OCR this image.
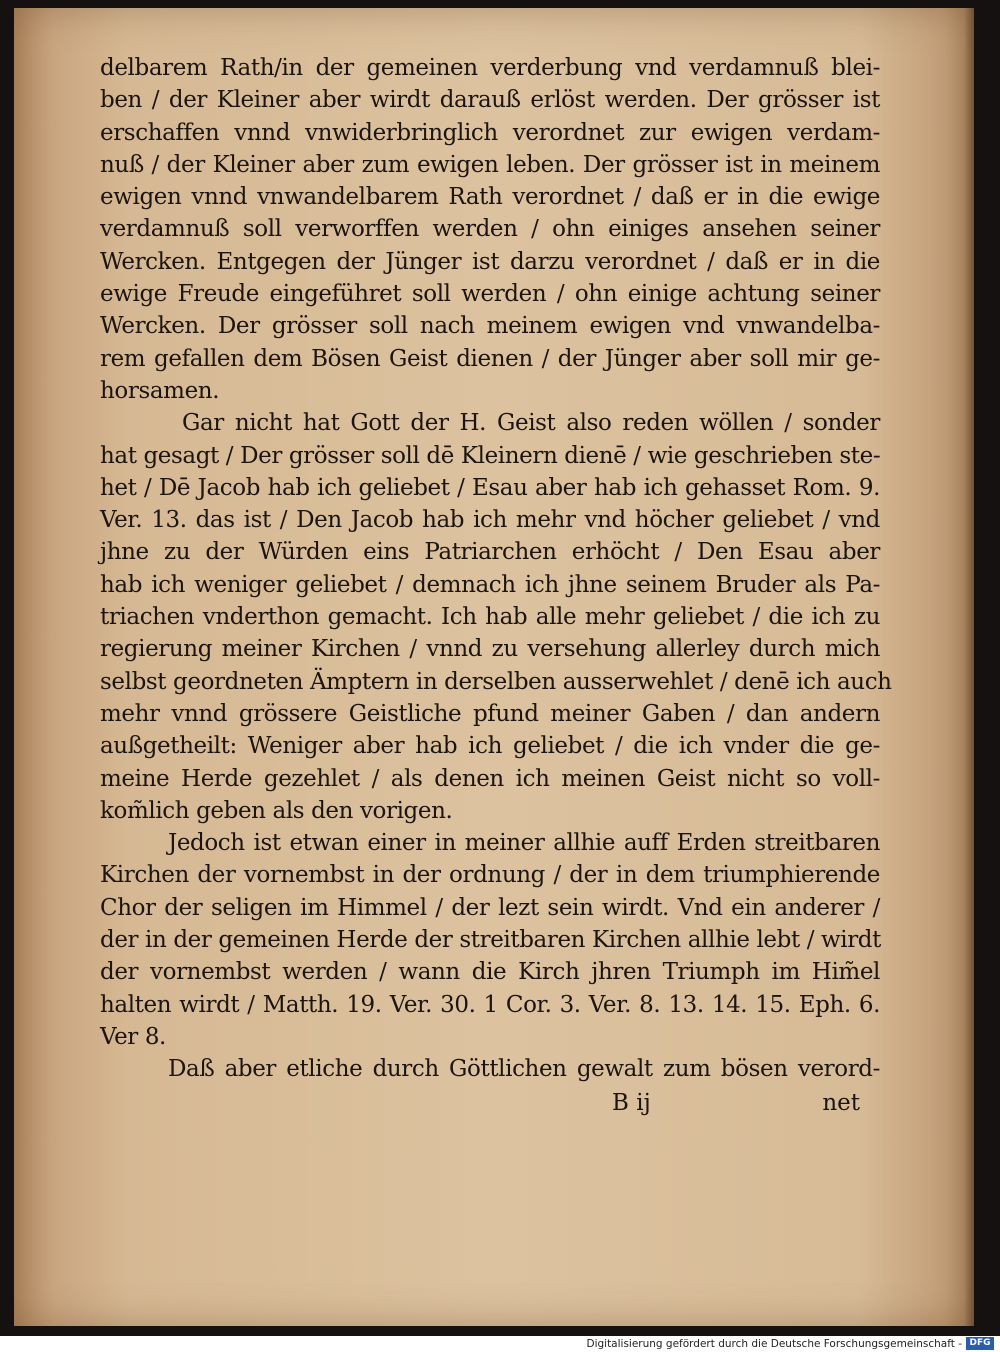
delbarem Rath/in der gemeinen verderbung vnd verdamnuß blei-
ben / der Kleiner aber wirdt darauß erlöst werden. Der grösser ist
erschaffen vnnd vnwiderbringlich verordnet zur ewigen verdam-
nuß / der Kleiner aber zum ewigen leben. Der grösser ist in meinem
ewigen vnnd vnwandelbarem Rath verordnet / daß er in die ewige
verdamnuß soll verworffen werden / ohn einiges ansehen seiner
Wercken. Entgegen der Jünger ist darzu verordnet / daß er in die
ewige Freude eingeführet soll werden / ohn einige achtung seiner
Wercken. Der grösser soll nach meinem ewigen vnd vnwandelba-
rem gefallen dem Bösen Geist dienen / der Jünger aber soll mir ge-
horsamen.
Gar nicht hat Gott der H. Geist also reden wöllen / sonder
hat gesagt / Der grösser soll dē Kleinern dienē / wie geschrieben ste-
het / Dē Jacob hab ich geliebet / Esau aber hab ich gehasset Rom. 9.
Ver. 13. das ist / Den Jacob hab ich mehr vnd höcher geliebet / vnd
jhne zu der Würden eins Patriarchen erhöcht / Den Esau aber
hab ich weniger geliebet / demnach ich jhne seinem Bruder als Pa-
triachen vnderthon gemacht. Ich hab alle mehr geliebet / die ich zu
regierung meiner Kirchen / vnnd zu versehung allerley durch mich
selbst geordneten Ämptern in derselben ausserwehlet / denē ich auch
mehr vnnd grössere Geistliche pfund meiner Gaben / dan andern
außgetheilt: Weniger aber hab ich geliebet / die ich vnder die ge-
meine Herde gezehlet / als denen ich meinen Geist nicht so voll-
kom̃lich geben als den vorigen.
Jedoch ist etwan einer in meiner allhie auff Erden streitbaren
Kirchen der vornembst in der ordnung / der in dem triumphierende
Chor der seligen im Himmel / der lezt sein wirdt. Vnd ein anderer /
der in der gemeinen Herde der streitbaren Kirchen allhie lebt / wirdt
der vornembst werden / wann die Kirch jhren Triumph im Him̃el
halten wirdt / Matth. 19. Ver. 30. 1 Cor. 3. Ver. 8. 13. 14. 15. Eph. 6.
Ver 8.
Daß aber etliche durch Göttlichen gewalt zum bösen verord-
B ij	net
Digitalisierung gefördert durch die Deutsche Forschungsgemeinschaft - DFG
